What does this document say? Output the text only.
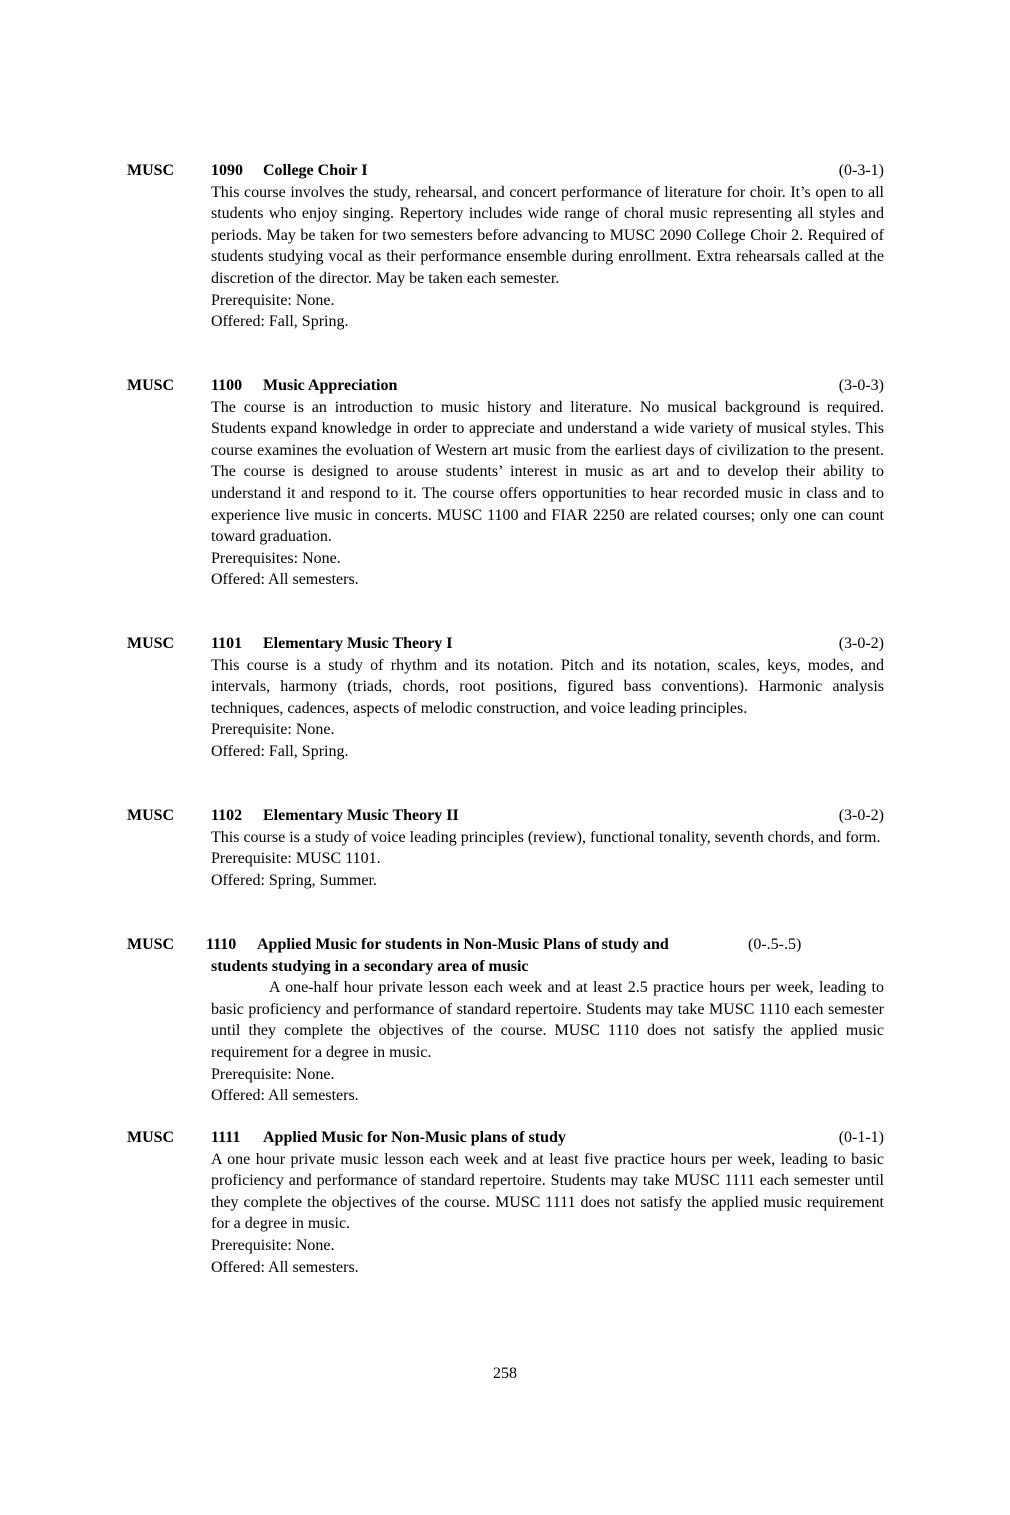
MUSC 1090 College Choir I	(0-3-1)

This course involves the study, rehearsal, and concert performance of literature for choir. It’s open to all students who enjoy singing. Repertory includes wide range of choral music representing all styles and periods. May be taken for two semesters before advancing to MUSC 2090 College Choir 2. Required of students studying vocal as their performance ensemble during enrollment. Extra rehearsals called at the discretion of the director. May be taken each semester.

Prerequisite: None.

Offered: Fall, Spring.

MUSC 1100 Music Appreciation	(3-0-3)

The course is an introduction to music history and literature. No musical background is required. Students expand knowledge in order to appreciate and understand a wide variety of musical styles. This course examines the evoluation of Western art music from the earliest days of civilization to the present. The course is designed to arouse students’ interest in music as art and to develop their ability to understand it and respond to it. The course offers opportunities to hear recorded music in class and to experience live music in concerts. MUSC 1100 and FIAR 2250 are related courses; only one can count toward graduation.

Prerequisites: None.

Offered: All semesters.

MUSC 1101 Elementary Music Theory I	(3-0-2)

This course is a study of rhythm and its notation. Pitch and its notation, scales, keys, modes, and intervals, harmony (triads, chords, root positions, figured bass conventions). Harmonic analysis techniques, cadences, aspects of melodic construction, and voice leading principles.

Prerequisite: None.

Offered: Fall, Spring.

MUSC 1102 Elementary Music Theory II	(3-0-2)

This course is a study of voice leading principles (review), functional tonality, seventh chords, and form.

Prerequisite: MUSC 1101.

Offered: Spring, Summer.

MUSC 1110 Applied Music for students in Non-Music Plans of study and	(0-.5-.5)

students studying in a secondary area of music

A one-half hour private lesson each week and at least 2.5 practice hours per week, leading to basic proficiency and performance of standard repertoire. Students may take MUSC 1110 each semester until they complete the objectives of the course. MUSC 1110 does not satisfy the applied music requirement for a degree in music.

Prerequisite: None.

Offered: All semesters.

MUSC 1111 Applied Music for Non-Music plans of study	(0-1-1)

A one hour private music lesson each week and at least five practice hours per week, leading to basic proficiency and performance of standard repertoire. Students may take MUSC 1111 each semester until they complete the objectives of the course. MUSC 1111 does not satisfy the applied music requirement for a degree in music.

Prerequisite: None.

Offered: All semesters.

258
